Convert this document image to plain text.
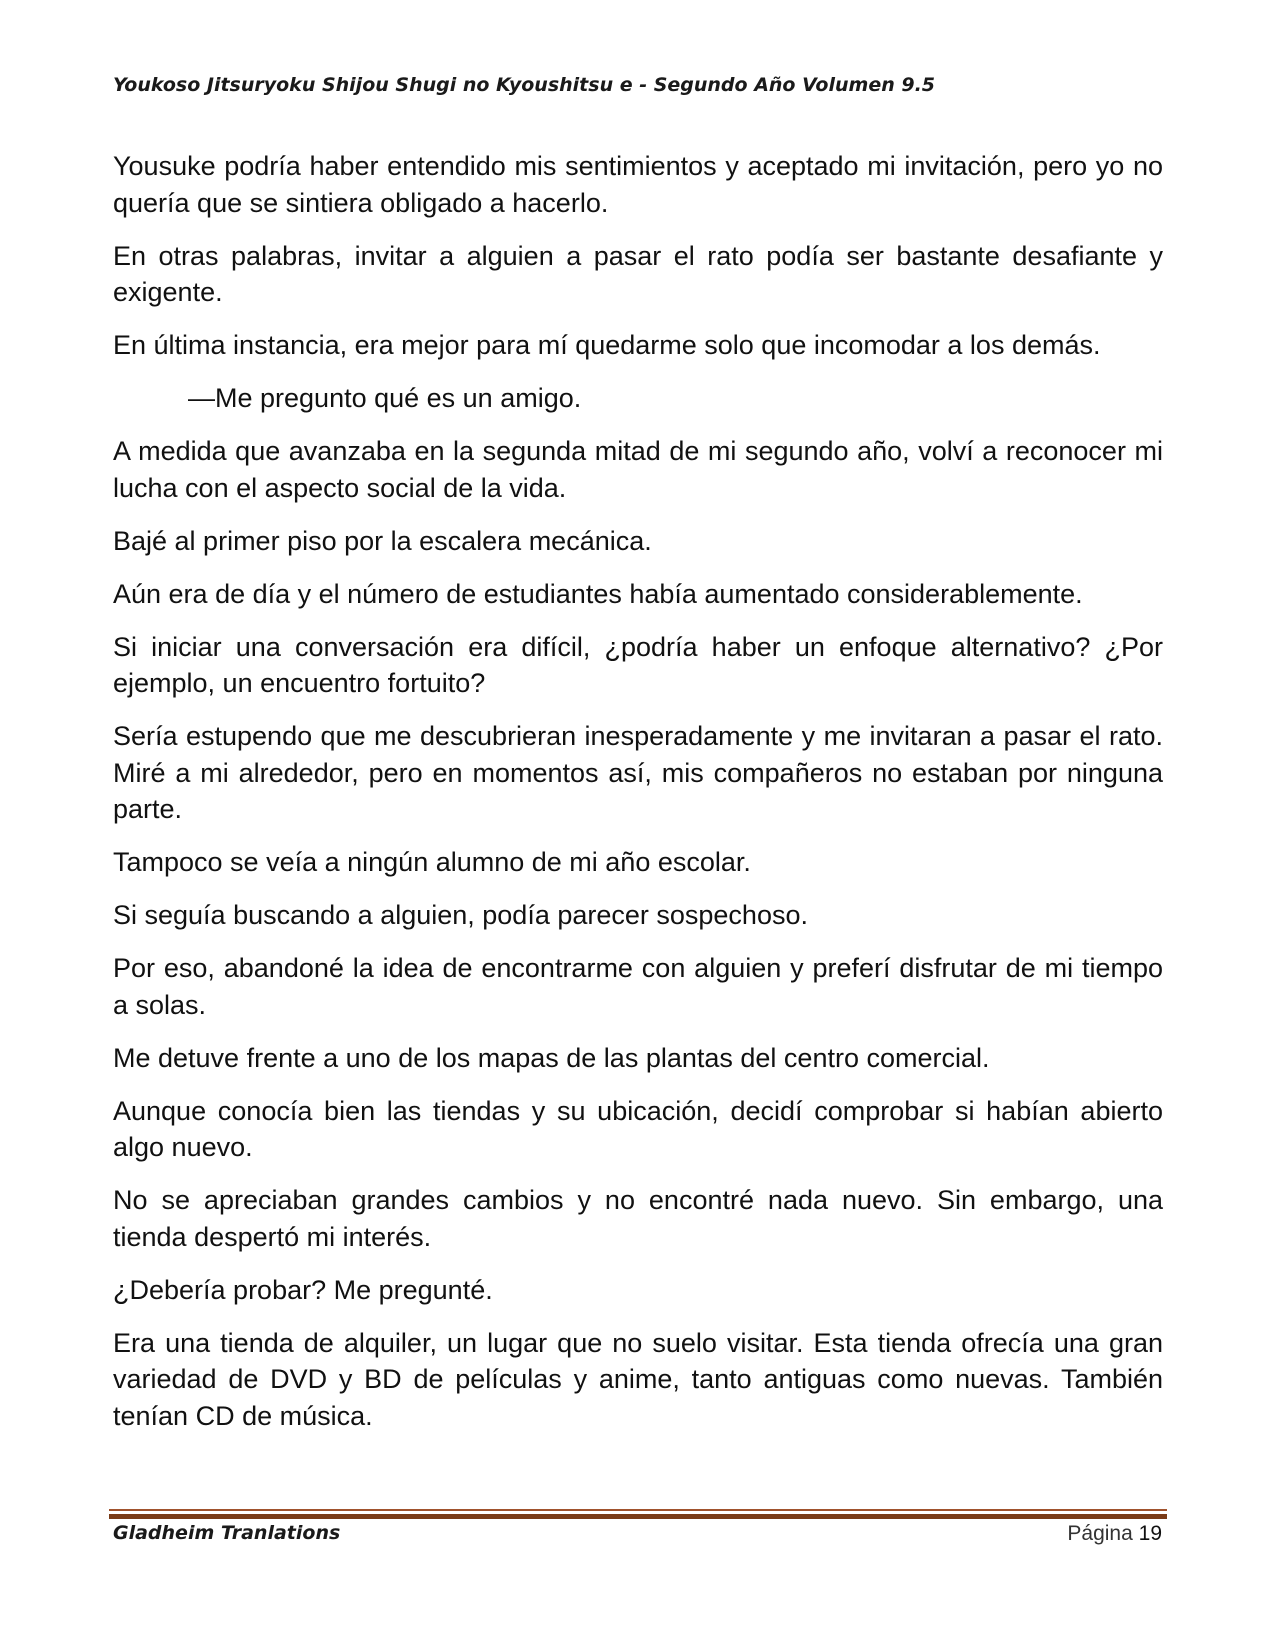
Youkoso Jitsuryoku Shijou Shugi no Kyoushitsu e - Segundo Año Volumen 9.5

Yousuke podría haber entendido mis sentimientos y aceptado mi invitación, pero yo no quería que se sintiera obligado a hacerlo.

En otras palabras, invitar a alguien a pasar el rato podía ser bastante desafiante y exigente.

En última instancia, era mejor para mí quedarme solo que incomodar a los demás.

—Me pregunto qué es un amigo.

A medida que avanzaba en la segunda mitad de mi segundo año, volví a reconocer mi lucha con el aspecto social de la vida.

Bajé al primer piso por la escalera mecánica.

Aún era de día y el número de estudiantes había aumentado considerablemente.

Si iniciar una conversación era difícil, ¿podría haber un enfoque alternativo? ¿Por ejemplo, un encuentro fortuito?

Sería estupendo que me descubrieran inesperadamente y me invitaran a pasar el rato. Miré a mi alrededor, pero en momentos así, mis compañeros no estaban por ninguna parte.

Tampoco se veía a ningún alumno de mi año escolar.

Si seguía buscando a alguien, podía parecer sospechoso.

Por eso, abandoné la idea de encontrarme con alguien y preferí disfrutar de mi tiempo a solas.

Me detuve frente a uno de los mapas de las plantas del centro comercial.

Aunque conocía bien las tiendas y su ubicación, decidí comprobar si habían abierto algo nuevo.

No se apreciaban grandes cambios y no encontré nada nuevo. Sin embargo, una tienda despertó mi interés.

¿Debería probar? Me pregunté.

Era una tienda de alquiler, un lugar que no suelo visitar. Esta tienda ofrecía una gran variedad de DVD y BD de películas y anime, tanto antiguas como nuevas. También tenían CD de música.

Gladheim Tranlations	Página 19
